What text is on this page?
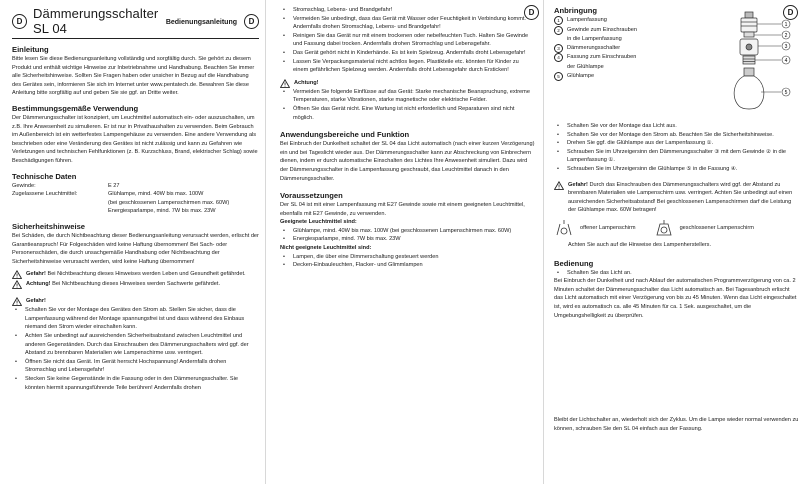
D Dämmerungsschalter SL 04	Bedienungsanleitung	D
Einleitung

Bitte lesen Sie diese Bedienungsanleitung vollständig und sorgfältig durch. Sie gehört zu diesem Produkt und enthält wichtige Hinweise zur Inbetriebnahme und Handhabung. Beachten Sie immer alle Sicherheitshinweise. Sollten Sie Fragen haben oder unsicher in Bezug auf die Handhabung des Gerätes sein, informieren Sie sich im Internet unter www.pentatech.de. Bewahren Sie diese Anleitung bitte sorgfältig auf und geben Sie sie ggf. an Dritte weiter.

Bestimmungsgemäße Verwendung

Der Dämmerungsschalter ist konzipiert, um Leuchtmittel automatisch ein- oder auszuschalten, um z.B. Ihre Anwesenheit zu simulieren. Er ist nur in Privathaushalten zu verwenden. Beim Gebrauch im Außenbereich ist ein wetterfestes Lampengehäuse zu verwenden. Eine andere Verwendung als beschrieben oder eine Veränderung des Gerätes ist nicht zulässig und kann zu Gefahren wie Verletzungen und technischen Fehlfunktionen (z. B. Kurzschluss, Brand, elektrischer Schlag) sowie Beschädigungen führen.

Technische Daten
Gewinde:	E 27
Zugelassene Leuchtmittel:	Glühlampe, mind. 40W bis max. 100W
	(bei geschlossenen Lampenschirmen max. 60W)
	Energiesparlampe, mind. 7W bis max. 23W
Sicherheitshinweise

Bei Schäden, die durch Nichtbeachtung dieser Bedienungsanleitung verursacht werden, erlischt der Garantieanspruch! Für Folgeschäden wird keine Haftung übernommen! Bei Sach- oder Personenschäden, die durch unsachgemäße Handhabung oder Nichtbeachtung der Sicherheitshinweise verursacht werden, wird keine Haftung übernommen!

! Gefahr! Bei Nichtbeachtung dieses Hinweises werden Leben und Gesundheit gefährdet.
! Achtung! Bei Nichtbeachtung dieses Hinweises werden Sachwerte gefährdet.
! Gefahr!
• Schalten Sie vor der Montage des Gerätes den Strom ab. Stellen Sie sicher, dass die Lampenfassung während der Montage spannungsfrei ist und dass während des Einbaus niemand den Strom wieder einschalten kann.
• Achten Sie unbedingt auf ausreichenden Sicherheitsabstand zwischen Leuchtmittel und anderen Gegenständen. Durch das Einschrauben des Dämmerungsschalters wird ggf. der Abstand zu brennbaren Materialien wie Lampenschirme usw. verringert.
• Öffnen Sie nicht das Gerät. Im Gerät herrscht Hochspannung! Andernfalls drohen Stromschlag und Lebensgefahr!
• Stecken Sie keine Gegenstände in die Fassung oder in den Dämmerungsschalter. Sie könnten hiermit spannungsführende Teile berühren! Andernfalls drohen
D
• Stromschlag, Lebens- und Brandgefahr!
• Vermeiden Sie unbedingt, dass das Gerät mit Wasser oder Feuchtigkeit in Verbindung kommt. Andernfalls drohen Stromschlag, Lebens- und Brandgefahr!
• Reinigen Sie das Gerät nur mit einem trockenen oder nebelfeuchten Tuch. Halten Sie Gewinde und Fassung dabei trocken. Andernfalls drohen Stromschlag und Lebensgefahr.
• Das Gerät gehört nicht in Kinderhände. Es ist kein Spielzeug. Andernfalls droht Lebensgefahr!
• Lassen Sie Verpackungsmaterial nicht achtlos liegen. Plastikteile etc. könnten für Kinder zu einem gefährlichen Spielzeug werden. Andernfalls droht Lebensgefahr durch Ersticken!
! Achtung!
• Vermeiden Sie folgende Einflüsse auf das Gerät: Starke mechanische Beanspruchung, extreme Temperaturen, starke Vibrationen, starke magnetische oder elektrische Felder.
• Öffnen Sie das Gerät nicht. Eine Wartung ist nicht erforderlich und Reparaturen sind nicht möglich.
Anwendungsbereiche und Funktion

Bei Einbruch der Dunkelheit schaltet der SL 04 das Licht automatisch (nach einer kurzen Verzögerung) ein und bei Tageslicht wieder aus. Der Dämmerungsschalter kann zur Abschreckung von Einbrechern dienen, indem er durch automatische Einschalten des Lichtes Ihre Anwesenheit simuliert. Dazu wird der Dämmerungsschalter in die Lampenfassung geschraubt, das Leuchtmittel danach in den Dämmerungsschalter.

Voraussetzungen

Der SL 04 ist mit einer Lampenfassung mit E27 Gewinde sowie mit einem geeigneten Leuchtmittel, ebenfalls mit E27 Gewinde, zu verwenden.

Geeignete Leuchtmittel sind:
• Glühlampe, mind. 40W bis max. 100W (bei geschlossenen Lampenschirmen max. 60W)
• Energiesparlampe, mind. 7W bis max. 23W
Nicht geeignete Leuchtmittel sind:
• Lampen, die über eine Dimmerschaltung gesteuert werden
• Decken-Einbauleuchten, Flacker- und Glimmlampen
D
Anbringung
1	Lampenfassung
2	Gewinde zum Einschrauben
in die Lampenfassung
3	Dämmerungsschalter
4	Fassung zum Einschrauben
der Glühlampe
5	Glühlampe
1
2
3
4
5
• Schalten Sie vor der Montage das Licht aus.
• Schalten Sie vor der Montage den Strom ab. Beachten Sie die Sicherheitshinweise.
• Drehen Sie ggf. die Glühlampe aus der Lampenfassung ①.
• Schrauben Sie im Uhrzeigersinn den Dämmerungsschalter ③ mit dem Gewinde ② in die Lampenfassung ①.
• Schrauben Sie im Uhrzeigersinn die Glühlampe ⑤ in die Fassung ④.
! Gefahr! Durch das Einschrauben des Dämmerungsschalters wird ggf. der Abstand zu brennbaren Materialien wie Lampenschirm usw. verringert. Achten Sie unbedingt auf einen ausreichenden Sicherheitsabstand! Bei geschlossenen Lampenschirmen darf die Leistung der Glühlampe max. 60W betragen!
offener Lampenschirm	geschlossener Lampenschirm

Achten Sie auch auf die Hinweise des Lampenherstellers.

Bedienung
• Schalten Sie das Licht an.

Bei Einbruch der Dunkelheit und nach Ablauf der automatischen Programmverzögerung von ca. 2 Minuten schaltet der Dämmerungsschalter das Licht automatisch an. Bei Tagesanbruch erlischt das Licht automatisch mit einer Verzögerung von bis zu 45 Minuten. Wenn das Licht eingeschaltet ist, wird es automatisch ca. alle 45 Minuten für ca. 1 Sek. ausgeschaltet, um die Umgebungshelligkeit zu überprüfen.

Bleibt der Lichtschalter an, wiederholt sich der Zyklus. Um die Lampe wieder normal verwenden zu können, schrauben Sie den SL 04 einfach aus der Fassung.
